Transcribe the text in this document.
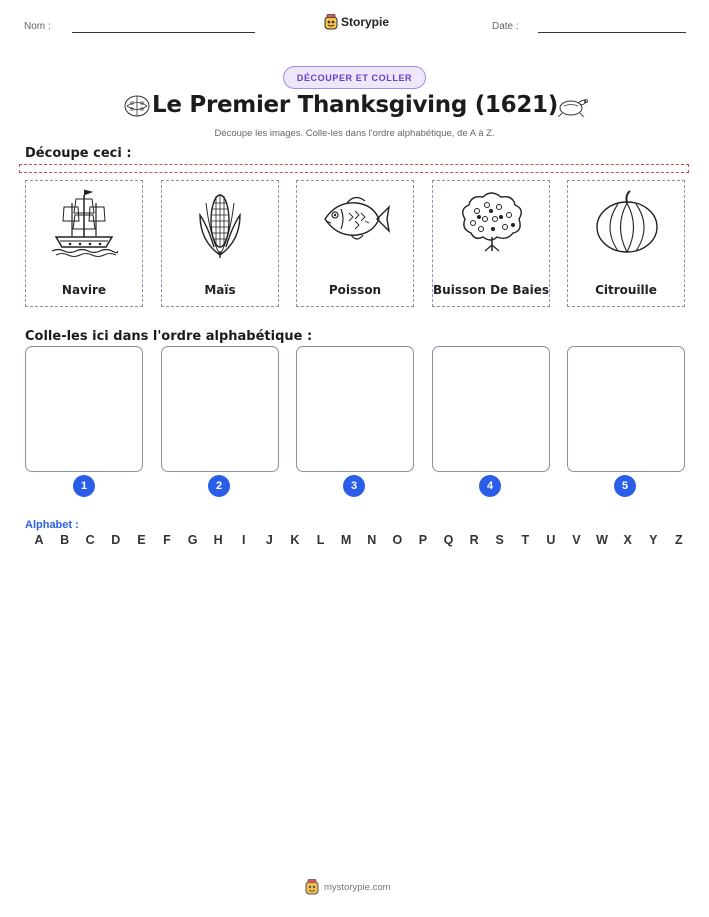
Nom :	Storypie	Date :
DÉCOUPER ET COLLER
Le Premier Thanksgiving (1621)
Découpe les images. Colle-les dans l'ordre alphabétique, de A à Z.
Découpe ceci :
Navire	Maïs	Poisson	Buisson De Baies	Citrouille
Colle-les ici dans l'ordre alphabétique :
1	2	3	4	5
Alphabet :
A B C D E F G H	I	J K L M N O P Q R S T U V W X Y Z
mystorypie.com
